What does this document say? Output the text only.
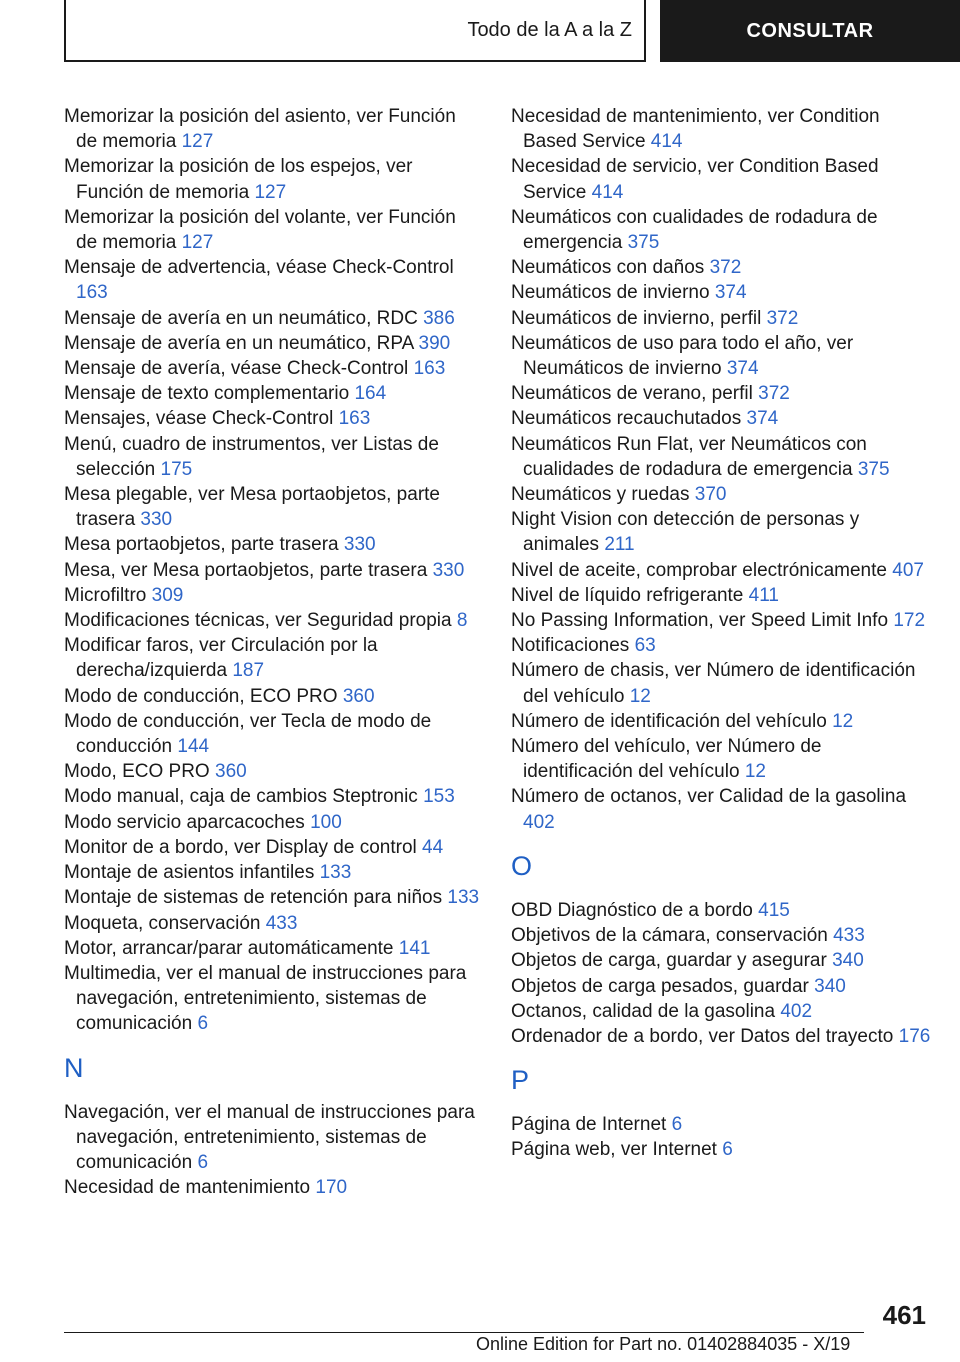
Todo de la A a la Z	CONSULTAR
Memorizar la posición del asiento, ver Función de memoria 127
Memorizar la posición de los espejos, ver Función de memoria 127
Memorizar la posición del volante, ver Función de memoria 127
Mensaje de advertencia, véase Check-Control 163
Mensaje de avería en un neumático, RDC 386
Mensaje de avería en un neumático, RPA 390
Mensaje de avería, véase Check-Control 163
Mensaje de texto complementario 164
Mensajes, véase Check-Control 163
Menú, cuadro de instrumentos, ver Listas de selección 175
Mesa plegable, ver Mesa portaobjetos, parte trasera 330
Mesa portaobjetos, parte trasera 330
Mesa, ver Mesa portaobjetos, parte trasera 330
Microfiltro 309
Modificaciones técnicas, ver Seguridad propia 8
Modificar faros, ver Circulación por la derecha/izquierda 187
Modo de conducción, ECO PRO 360
Modo de conducción, ver Tecla de modo de conducción 144
Modo, ECO PRO 360
Modo manual, caja de cambios Steptronic 153
Modo servicio aparcacoches 100
Monitor de a bordo, ver Display de control 44
Montaje de asientos infantiles 133
Montaje de sistemas de retención para niños 133
Moqueta, conservación 433
Motor, arrancar/parar automáticamente 141
Multimedia, ver el manual de instrucciones para navegación, entretenimiento, sistemas de comunicación 6
N
Navegación, ver el manual de instrucciones para navegación, entretenimiento, sistemas de comunicación 6
Necesidad de mantenimiento 170
Necesidad de mantenimiento, ver Condition Based Service 414
Necesidad de servicio, ver Condition Based Service 414
Neumáticos con cualidades de rodadura de emergencia 375
Neumáticos con daños 372
Neumáticos de invierno 374
Neumáticos de invierno, perfil 372
Neumáticos de uso para todo el año, ver Neumáticos de invierno 374
Neumáticos de verano, perfil 372
Neumáticos recauchutados 374
Neumáticos Run Flat, ver Neumáticos con cualidades de rodadura de emergencia 375
Neumáticos y ruedas 370
Night Vision con detección de personas y animales 211
Nivel de aceite, comprobar electrónicamente 407
Nivel de líquido refrigerante 411
No Passing Information, ver Speed Limit Info 172
Notificaciones 63
Número de chasis, ver Número de identificación del vehículo 12
Número de identificación del vehículo 12
Número del vehículo, ver Número de identificación del vehículo 12
Número de octanos, ver Calidad de la gasolina 402
O
OBD Diagnóstico de a bordo 415
Objetivos de la cámara, conservación 433
Objetos de carga, guardar y asegurar 340
Objetos de carga pesados, guardar 340
Octanos, calidad de la gasolina 402
Ordenador de a bordo, ver Datos del trayecto 176
P
Página de Internet 6
Página web, ver Internet 6
461
Online Edition for Part no. 01402884035 - X/19
